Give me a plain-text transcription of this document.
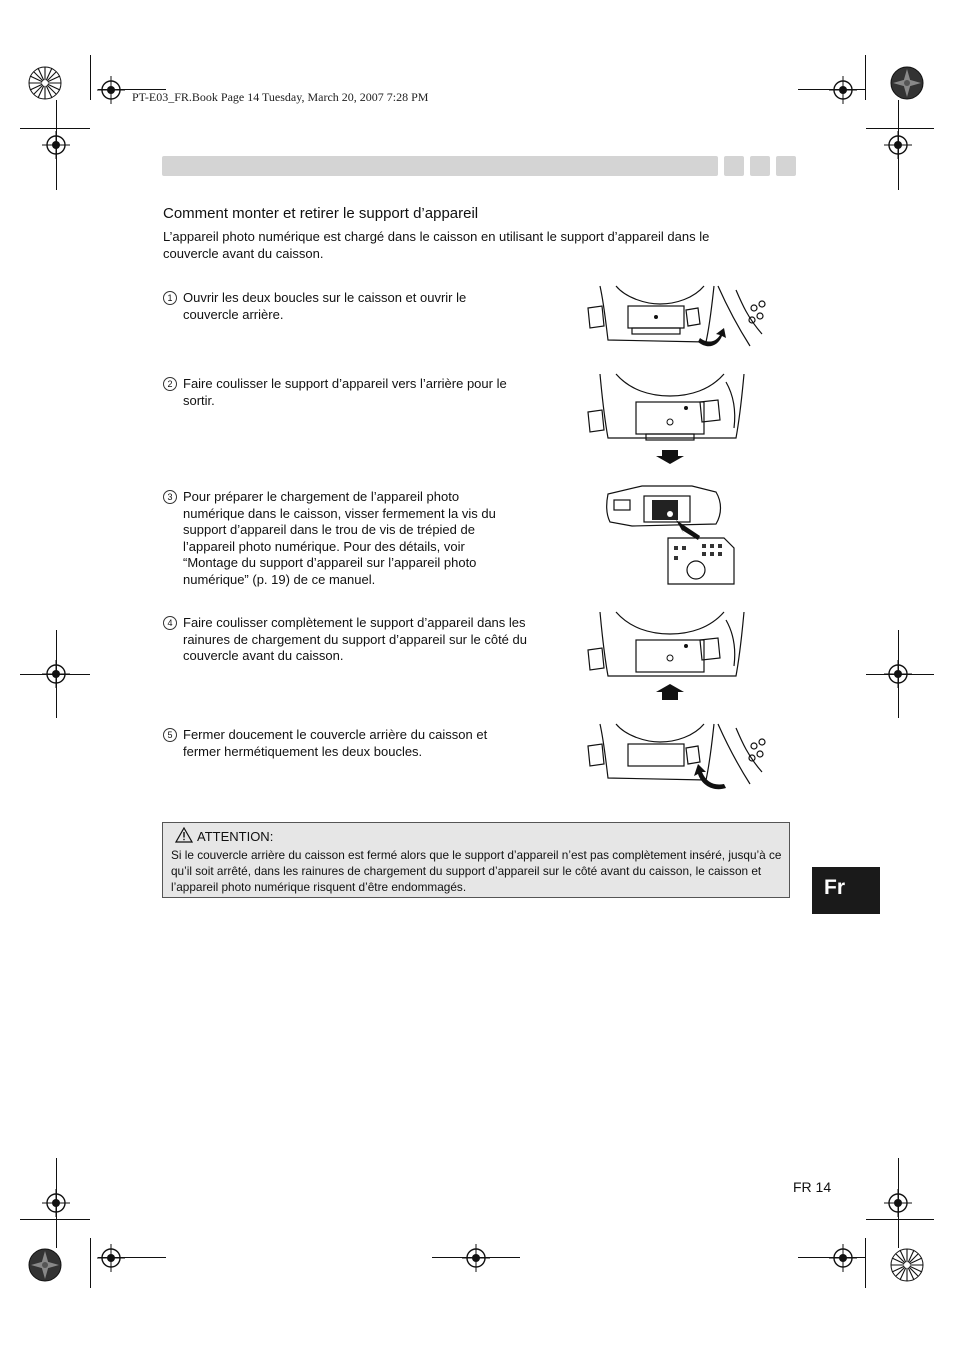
PT-E03_FR.Book Page 14 Tuesday, March 20, 2007 7:28 PM
Comment monter et retirer le support d’appareil
L’appareil photo numérique est chargé dans le caisson en utilisant le support d’appareil dans le couvercle avant du caisson.
1 Ouvrir les deux boucles sur le caisson et ouvrir le couvercle arrière.
2 Faire coulisser le support d’appareil vers l’arrière pour le sortir.
3 Pour préparer le chargement de l’appareil photo numérique dans le caisson, visser fermement la vis du support d’appareil dans le trou de vis de trépied de l’appareil photo numérique. Pour des détails, voir “Montage du support d’appareil sur l’appareil photo numérique” (p. 19) de ce manuel.
4 Faire coulisser complètement le support d’appareil dans les rainures de chargement du support d’appareil sur le côté du couvercle avant du caisson.
5 Fermer doucement le couvercle arrière du caisson et fermer hermétiquement les deux boucles.
ATTENTION:
Si le couvercle arrière du caisson est fermé alors que le support d’appareil n’est pas complètement inséré, jusqu’à ce qu’il soit arrêté, dans les rainures de chargement du support d’appareil sur le côté avant du caisson, le caisson et l’appareil photo numérique risquent d’être endommagés.	Fr
FR 14
